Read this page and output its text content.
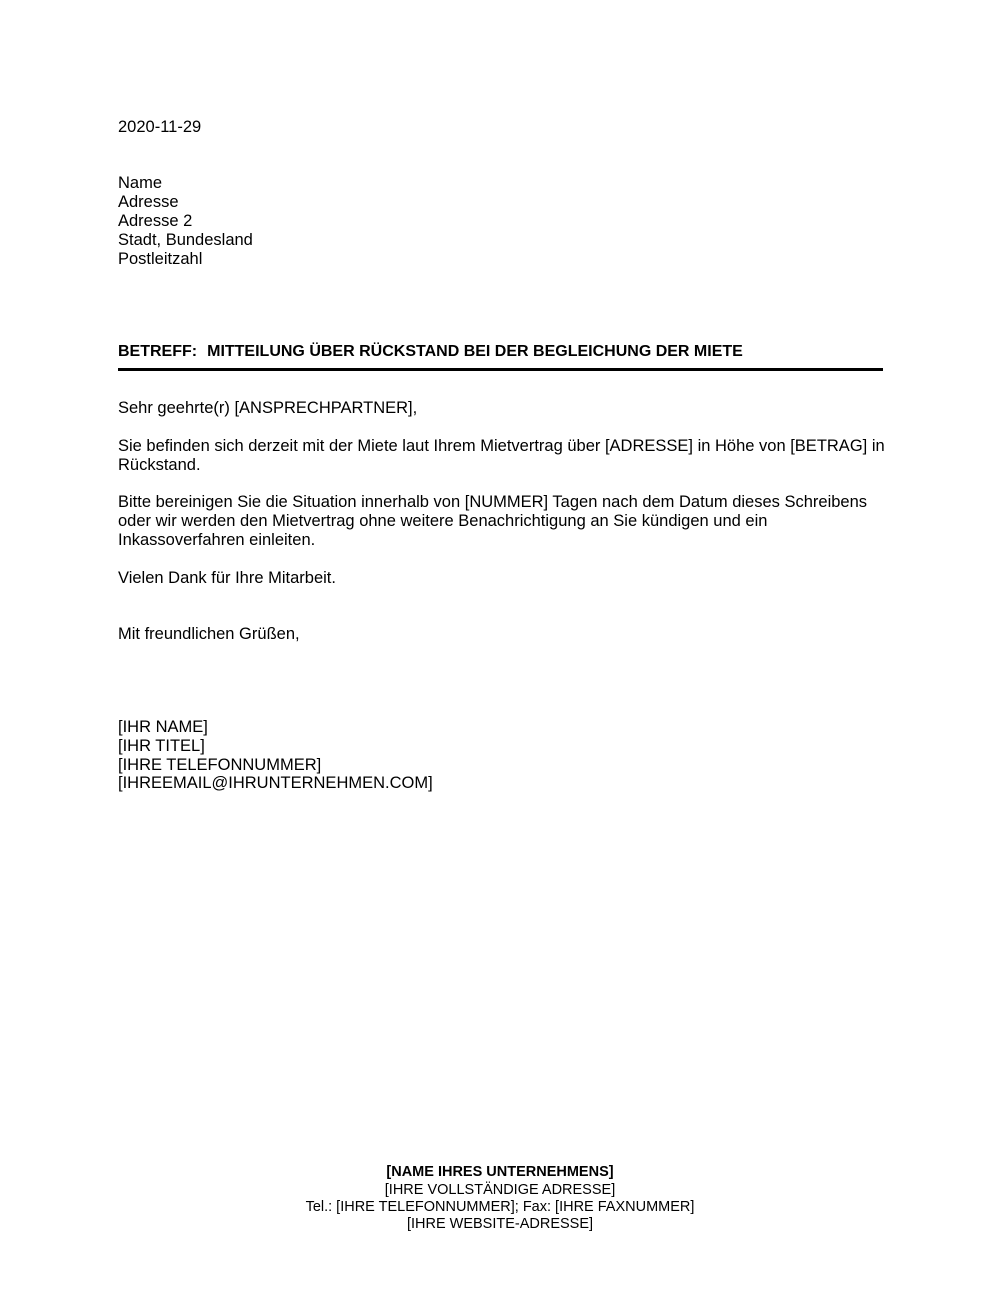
2020-11-29
Name
Adresse
Adresse 2
Stadt, Bundesland
Postleitzahl
BETREFF: MITTEILUNG ÜBER RÜCKSTAND BEI DER BEGLEICHUNG DER MIETE
Sehr geehrte(r) [ANSPRECHPARTNER],
Sie befinden sich derzeit mit der Miete laut Ihrem Mietvertrag über [ADRESSE] in Höhe von [BETRAG] in
Rückstand.
Bitte bereinigen Sie die Situation innerhalb von [NUMMER] Tagen nach dem Datum dieses Schreibens
oder wir werden den Mietvertrag ohne weitere Benachrichtigung an Sie kündigen und ein
Inkassoverfahren einleiten.
Vielen Dank für Ihre Mitarbeit.
Mit freundlichen Grüßen,
[IHR NAME]
[IHR TITEL]
[IHRE TELEFONNUMMER]
[IHREEMAIL@IHRUNTERNEHMEN.COM]
[NAME IHRES UNTERNEHMENS]
[IHRE VOLLSTÄNDIGE ADRESSE]
Tel.: [IHRE TELEFONNUMMER]; Fax: [IHRE FAXNUMMER]
[IHRE WEBSITE-ADRESSE]
